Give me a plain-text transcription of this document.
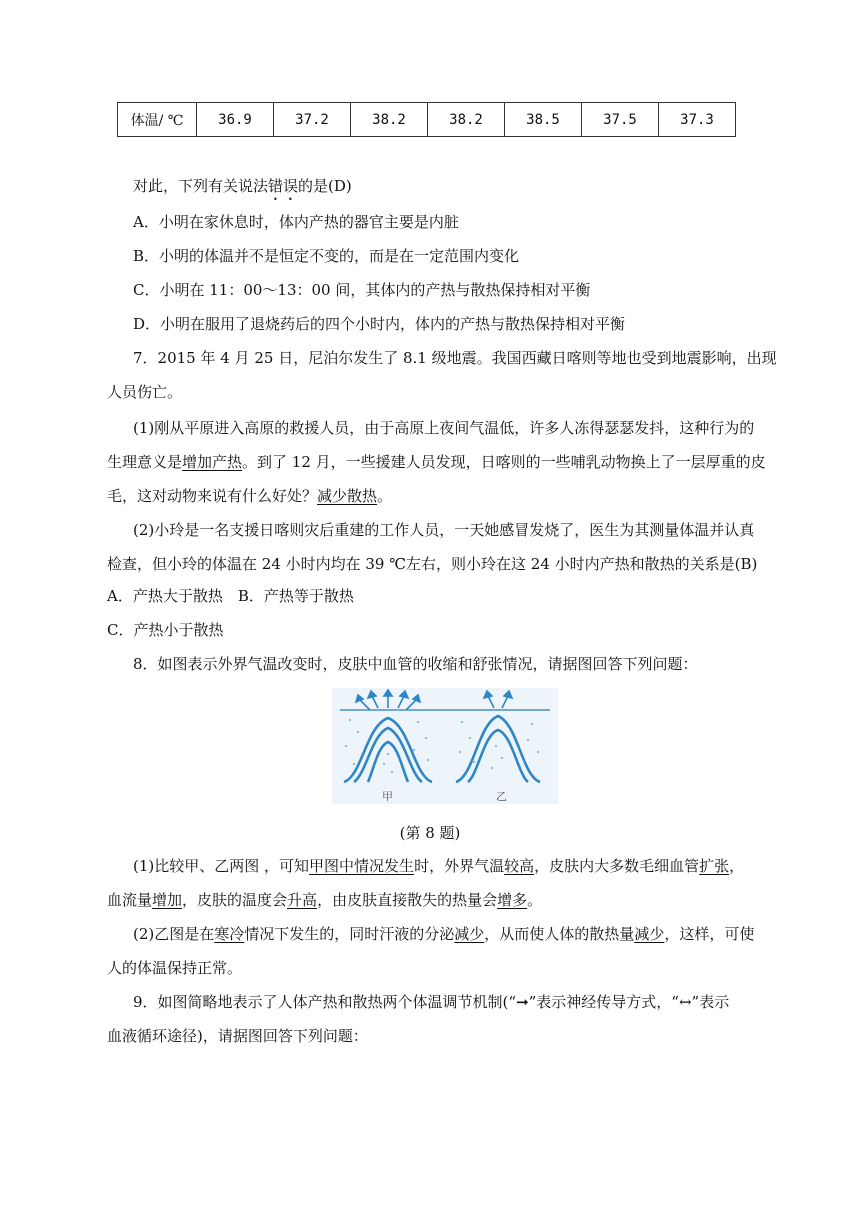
体温/ ℃	36.9	37.2	38.2	38.2	38.5	37.5	37.3
对此，下列有关说法错误的是(D)
A．小明在家休息时，体内产热的器官主要是内脏
B．小明的体温并不是恒定不变的，而是在一定范围内变化
C．小明在 11：00～13：00 间，其体内的产热与散热保持相对平衡
D．小明在服用了退烧药后的四个小时内，体内的产热与散热保持相对平衡
7．2015 年 4 月 25 日，尼泊尔发生了 8.1 级地震。我国西藏日喀则等地也受到地震影响，出现
人员伤亡。
(1)刚从平原进入高原的救援人员，由于高原上夜间气温低，许多人冻得瑟瑟发抖，这种行为的
生理意义是增加产热。到了 12 月，一些援建人员发现，日喀则的一些哺乳动物换上了一层厚重的皮
毛，这对动物来说有什么好处？减少散热。
(2)小玲是一名支援日喀则灾后重建的工作人员，一天她感冒发烧了，医生为其测量体温并认真
检查，但小玲的体温在 24 小时内均在 39 ℃左右，则小玲在这 24 小时内产热和散热的关系是(B)
A．产热大于散热　B．产热等于散热
C．产热小于散热
8．如图表示外界气温改变时，皮肤中血管的收缩和舒张情况，请据图回答下列问题：
甲	乙
(第 8 题)
(1)比较甲、乙两图 ，可知甲图中情况发生时，外界气温较高，皮肤内大多数毛细血管扩张，
血流量增加，皮肤的温度会升高，由皮肤直接散失的热量会增多。
(2)乙图是在寒冷情况下发生的，同时汗液的分泌减少，从而使人体的散热量减少，这样，可使
人的体温保持正常。
9．如图简略地表示了人体产热和散热两个体温调节机制(“➞”表示神经传导方式，“↔”表示
血液循环途径)，请据图回答下列问题：
